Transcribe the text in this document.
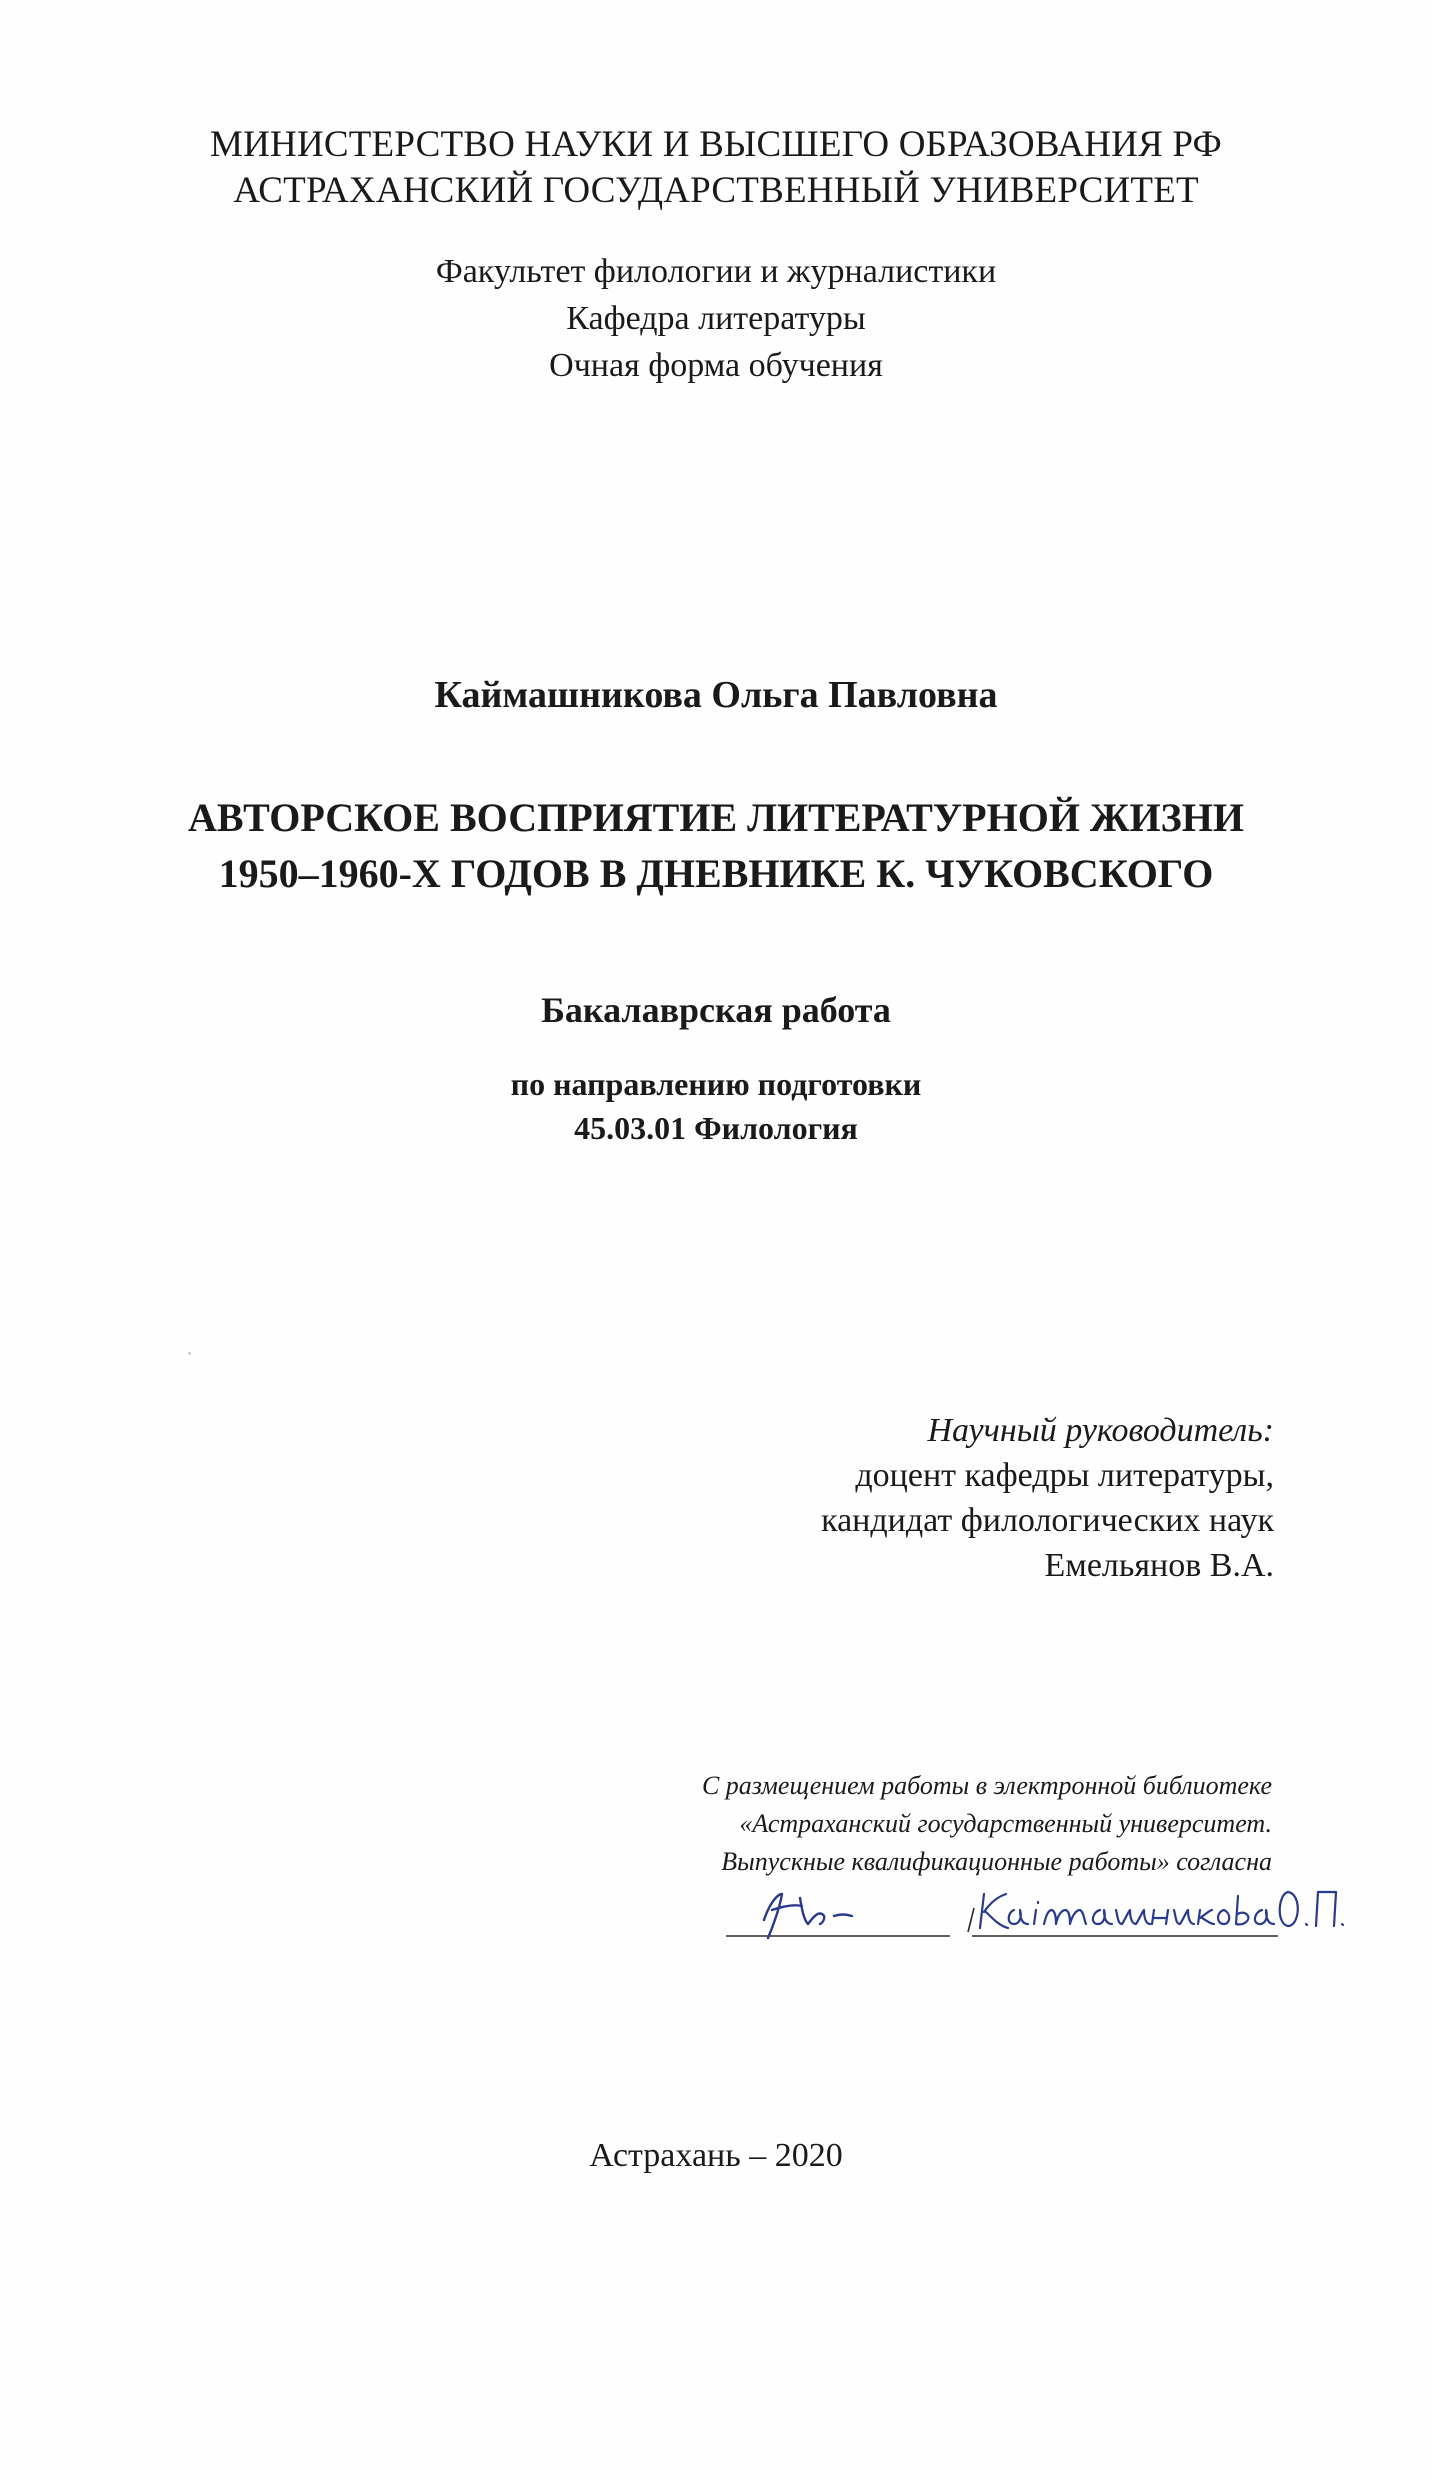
МИНИСТЕРСТВО НАУКИ И ВЫСШЕГО ОБРАЗОВАНИЯ РФ
АСТРАХАНСКИЙ ГОСУДАРСТВЕННЫЙ УНИВЕРСИТЕТ
Факультет филологии и журналистики
Кафедра литературы
Очная форма обучения
Каймашникова Ольга Павловна
АВТОРСКОЕ ВОСПРИЯТИЕ ЛИТЕРАТУРНОЙ ЖИЗНИ
1950–1960-Х ГОДОВ В ДНЕВНИКЕ К. ЧУКОВСКОГО
Бакалаврская работа
по направлению подготовки
45.03.01 Филология
Научный руководитель:
доцент кафедры литературы,
кандидат филологических наук
Емельянов В.А.
С размещением работы в электронной библиотеке
«Астраханский государственный университет.
Выпускные квалификационные работы» согласна
Астрахань – 2020
